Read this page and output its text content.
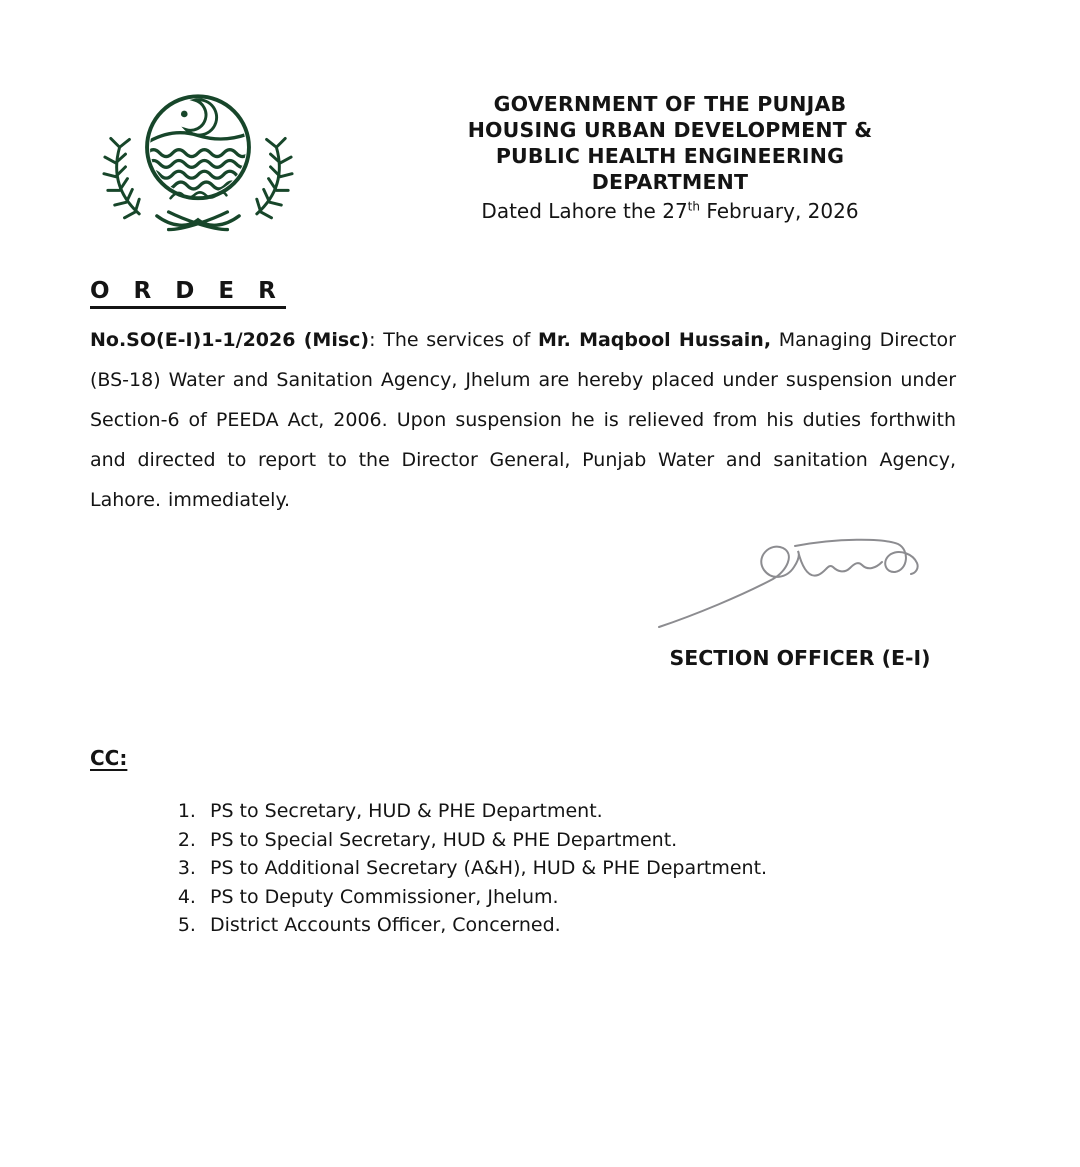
GOVERNMENT OF THE PUNJAB
HOUSING URBAN DEVELOPMENT &
PUBLIC HEALTH ENGINEERING
DEPARTMENT
Dated Lahore the 27th February, 2026
O R D E R

No.SO(E-I)1-1/2026 (Misc): The services of Mr. Maqbool Hussain, Managing Director (BS-18) Water and Sanitation Agency, Jhelum are hereby placed under suspension under Section-6 of PEEDA Act, 2006. Upon suspension he is relieved from his duties forthwith and directed to report to the Director General, Punjab Water and sanitation Agency, Lahore. immediately.

SECTION OFFICER (E-I)
CC:
1. PS to Secretary, HUD & PHE Department.
2. PS to Special Secretary, HUD & PHE Department.
3. PS to Additional Secretary (A&H), HUD & PHE Department.
4. PS to Deputy Commissioner, Jhelum.
5. District Accounts Officer, Concerned.
